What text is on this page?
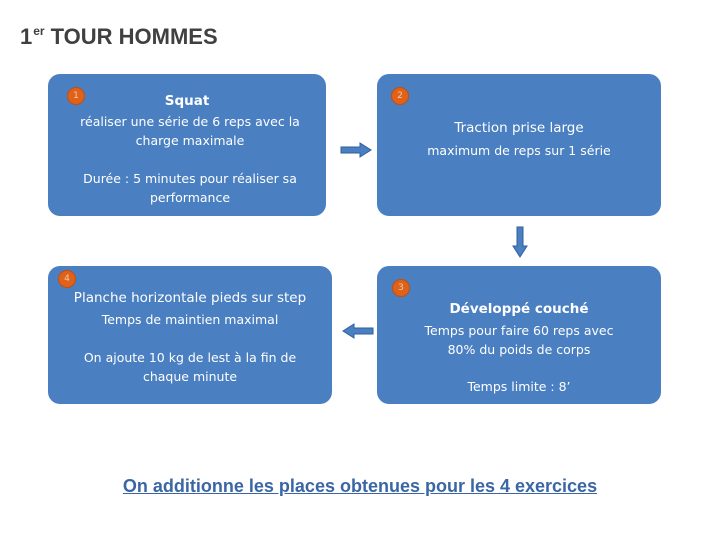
1er TOUR HOMMES
Squat
réaliser une série de 6 reps avec la charge maximale
Durée : 5 minutes pour réaliser sa performance
1
Traction prise large
maximum de reps sur 1 série
2
Planche horizontale pieds sur step
Temps de maintien maximal
On ajoute 10 kg de lest à la fin de chaque minute
4
Développé couché
Temps pour faire 60 reps avec 80% du poids de corps
Temps limite : 8’
3
On additionne les places obtenues pour les 4 exercices
